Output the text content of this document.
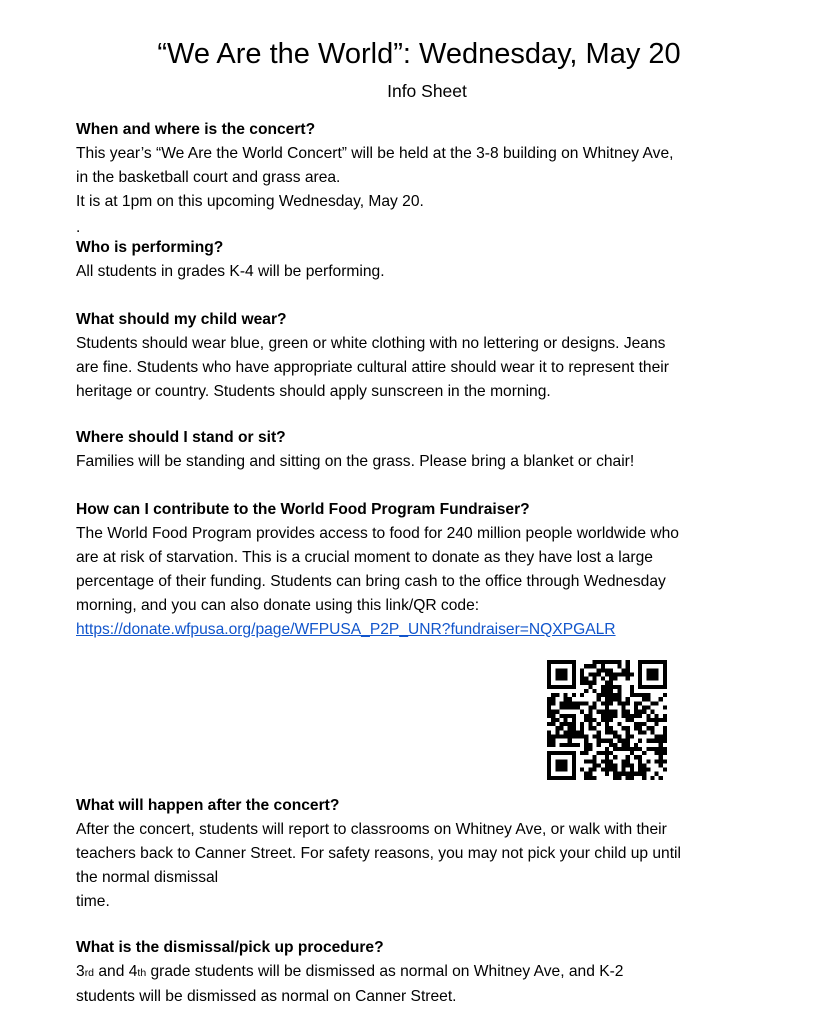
“We Are the World”: Wednesday, May 20
Info Sheet
When and where is the concert?
This year’s “We Are the World Concert” will be held at the 3-8 building on Whitney Ave,
in the basketball court and grass area.
It is at 1pm on this upcoming Wednesday, May 20.
.
Who is performing?
All students in grades K-4 will be performing.
What should my child wear?
Students should wear blue, green or white clothing with no lettering or designs. Jeans
are fine. Students who have appropriate cultural attire should wear it to represent their
heritage or country. Students should apply sunscreen in the morning.
Where should I stand or sit?
Families will be standing and sitting on the grass. Please bring a blanket or chair!
How can I contribute to the World Food Program Fundraiser?
The World Food Program provides access to food for 240 million people worldwide who
are at risk of starvation. This is a crucial moment to donate as they have lost a large
percentage of their funding. Students can bring cash to the office through Wednesday
morning, and you can also donate using this link/QR code:
https://donate.wfpusa.org/page/WFPUSA_P2P_UNR?fundraiser=NQXPGALR
What will happen after the concert?
After the concert, students will report to classrooms on Whitney Ave, or walk with their
teachers back to Canner Street. For safety reasons, you may not pick your child up until
the normal dismissal
time.
What is the dismissal/pick up procedure?
3rd and 4th grade students will be dismissed as normal on Whitney Ave, and K-2
students will be dismissed as normal on Canner Street.
